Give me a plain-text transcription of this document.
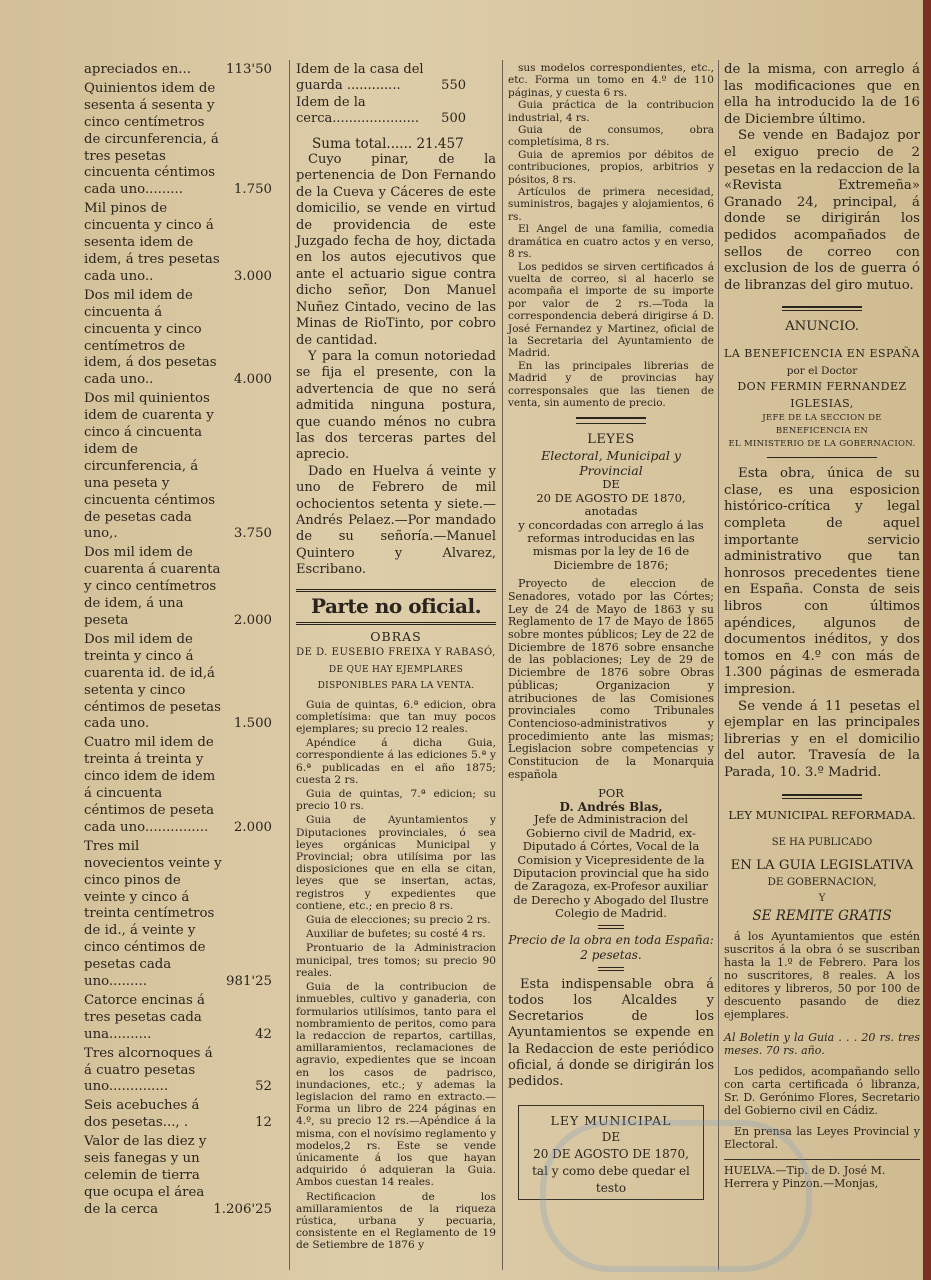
apreciados en...	113'50
Quinientos idem de sesenta á sesenta y cinco centímetros de circunferencia, á tres pesetas cincuenta céntimos cada uno.........	1.750
Mil pinos de cincuenta y cinco á sesenta idem de idem, á tres pesetas cada uno..	3.000
Dos mil idem de cincuenta á cincuenta y cinco centímetros de idem, á dos pesetas cada uno..	4.000
Dos mil quinientos idem de cuarenta y cinco á cincuenta idem de circunferencia, á una peseta y cincuenta céntimos de pesetas cada uno,.	3.750
Dos mil idem de cuarenta á cuarenta y cinco centímetros de idem, á una peseta	2.000
Dos mil idem de treinta y cinco á cuarenta id. de id,á setenta y cinco céntimos de pesetas cada uno.	1.500
Cuatro mil idem de treinta á treinta y cinco idem de idem á cincuenta céntimos de peseta cada uno............... 2.000
Tres mil novecientos veinte y cinco pinos de veinte y cinco á treinta centímetros de id., á veinte y cinco céntimos de pesetas cada uno.........	981'25
Catorce encinas á tres pesetas cada una..........	42
Tres alcornoques á á cuatro pesetas uno..............	52
Seis acebuches á dos pesetas..., .	12
Valor de las diez y seis fanegas y un celemin de tierra que ocupa el área de la cerca	1.206'25
Idem de la casa del guarda .............	550
Idem de la cerca..................... 500
Suma total...... 21.457

Cuyo pinar, de la pertenencia de Don Fernando de la Cueva y Cáceres de este domicilio, se vende en virtud de providencia de este Juzgado fecha de hoy, dictada en los autos ejecutivos que ante el actuario sigue contra dicho señor, Don Manuel Nuñez Cintado, vecino de las Minas de RioTinto, por cobro de cantidad.

Y para la comun notoriedad se fija el presente, con la advertencia de que no será admitida ninguna postura, que cuando ménos no cubra las dos terceras partes del aprecio.

Dado en Huelva á veinte y uno de Febrero de mil ochocientos setenta y siete.—Andrés Pelaez.—Por mandado de su señoría.—Manuel Quintero y Alvarez, Escribano.

Parte no oficial.
OBRAS
DE D. EUSEBIO FREIXA Y RABASÓ,
DE QUE HAY EJEMPLARES DISPONIBLES PARA LA VENTA.

Guia de quintas, 6.ª edicion, obra completísima: que tan muy pocos ejemplares; su precio 12 reales.

Apéndice á dicha Guia, correspondiente á las ediciones 5.ª y 6.ª publicadas en el año 1875; cuesta 2 rs.

Guia de quintas, 7.ª edicion; su precio 10 rs.

Guia de Ayuntamientos y Diputaciones provinciales, ó sea leyes orgánicas Municipal y Provincial; obra utilísima por las disposiciones que en ella se citan, leyes que se insertan, actas, registros y expedientes que contiene, etc.; en precio 8 rs.

Guia de elecciones; su precio 2 rs.

Auxiliar de bufetes; su costé 4 rs.

Prontuario de la Administracion municipal, tres tomos; su precio 90 reales.

Guia de la contribucion de inmuebles, cultivo y ganaderia, con formularios utilísimos, tanto para el nombramiento de peritos, como para la redaccion de repartos, cartillas, amillaramientos, reclamaciones de agravio, expedientes que se incoan en los casos de padrisco, inundaciones, etc.; y ademas la legislacion del ramo en extracto.—Forma un libro de 224 páginas en 4.º, su precio 12 rs.—Apéndice á la misma, con el novísimo reglamento y modelos,2 rs. Este se vende únicamente á los que hayan adquirido ó adquieran la Guia. Ambos cuestan 14 reales.

Rectificacion de los amillaramientos de la riqueza rústica, urbana y pecuaria, consistente en el Reglamento de 19 de Setiembre de 1876 y

sus modelos correspondientes, etc., etc. Forma un tomo en 4.º de 110 páginas, y cuesta 6 rs.

Guia práctica de la contribucion industrial, 4 rs.

Guia de consumos, obra completísima, 8 rs.

Guia de apremios por débitos de contribuciones, propios, arbitrios y pósitos, 8 rs.

Artículos de primera necesidad, suministros, bagajes y alojamientos, 6 rs.

El Angel de una familia, comedia dramática en cuatro actos y en verso, 8 rs.

Los pedidos se sirven certificados á vuelta de correo, si al hacerlo se acompaña el importe de su importe por valor de 2 rs.—Toda la correspondencia deberá dirigirse á D. José Fernandez y Martinez, oficial de la Secretaria del Ayuntamiento de Madrid.

En las principales librerias de Madrid y de provincias hay corresponsales que las tienen de venta, sin aumento de precio.

LEYES
Electoral, Municipal y Provincial
DE
20 DE AGOSTO DE 1870,
anotadas
y concordadas con arreglo á las reformas introducidas en las mismas por la ley de 16 de Diciembre de 1876;
Proyecto de eleccion de Senadores, votado por las Córtes; Ley de 24 de Mayo de 1863 y su Reglamento de 17 de Mayo de 1865 sobre montes públicos; Ley de 22 de Diciembre de 1876 sobre ensanche de las poblaciones; Ley de 29 de Diciembre de 1876 sobre Obras públicas; Organizacion y atribuciones de las Comisiones provinciales como Tribunales Contencioso-administrativos y procedimiento ante las mismas; Legislacion sobre competencias y Constitucion de la Monarquia española
POR
D. Andrés Blas,
Jefe de Administracion del Gobierno civil de Madrid, ex-Diputado á Córtes, Vocal de la Comision y Vicepresidente de la Diputacion provincial que ha sido de Zaragoza, ex-Profesor auxiliar de Derecho y Abogado del Ilustre Colegio de Madrid.
Precio de la obra en toda España: 2 pesetas.
Esta indispensable obra á todos los Alcaldes y Secretarios de los Ayuntamientos se expende en la Redaccion de este periódico oficial, á donde se dirigirán los pedidos.
LEY MUNICIPAL
DE
20 DE AGOSTO DE 1870,
tal y como debe quedar el testo

de la misma, con arreglo á las modificaciones que en ella ha introducido la de 16 de Diciembre último.

Se vende en Badajoz por el exiguo precio de 2 pesetas en la redaccion de la «Revista Extremeña» Granado 24, principal, á donde se dirigirán los pedidos acompañados de sellos de correo con exclusion de los de guerra ó de libranzas del giro mutuo.

ANUNCIO.
LA BENEFICENCIA EN ESPAÑA
por el Doctor
DON FERMIN FERNANDEZ IGLESIAS,
JEFE DE LA SECCION DE BENEFICENCIA EN
EL MINISTERIO DE LA GOBERNACION.

Esta obra, única de su clase, es una esposicion histórico-crítica y legal completa de aquel importante servicio administrativo que tan honrosos precedentes tiene en España. Consta de seis libros con últimos apéndices, algunos de documentos inéditos, y dos tomos en 4.º con más de 1.300 páginas de esmerada impresion.

Se vende á 11 pesetas el ejemplar en las principales librerias y en el domicilio del autor. Travesía de la Parada, 10. 3.º Madrid.

LEY MUNICIPAL REFORMADA.
SE HA PUBLICADO
EN LA GUIA LEGISLATIVA
DE GOBERNACION,
Y
SE REMITE GRATIS

á los Ayuntamientos que estén suscritos á la obra ó se suscriban hasta la 1.º de Febrero. Para los no suscritores, 8 reales. A los editores y libreros, 50 por 100 de descuento pasando de diez ejemplares.

Al Boletin y la Guia . . . 20 rs. tres meses. 70 rs. año.

Los pedidos, acompañando sello con carta certificada ó libranza, Sr. D. Gerónimo Flores, Secretario del Gobierno civil en Cádiz.

En prensa las Leyes Provincial y Electoral.

HUELVA.—Tip. de D. José M. Herrera y Pinzon.—Monjas,
